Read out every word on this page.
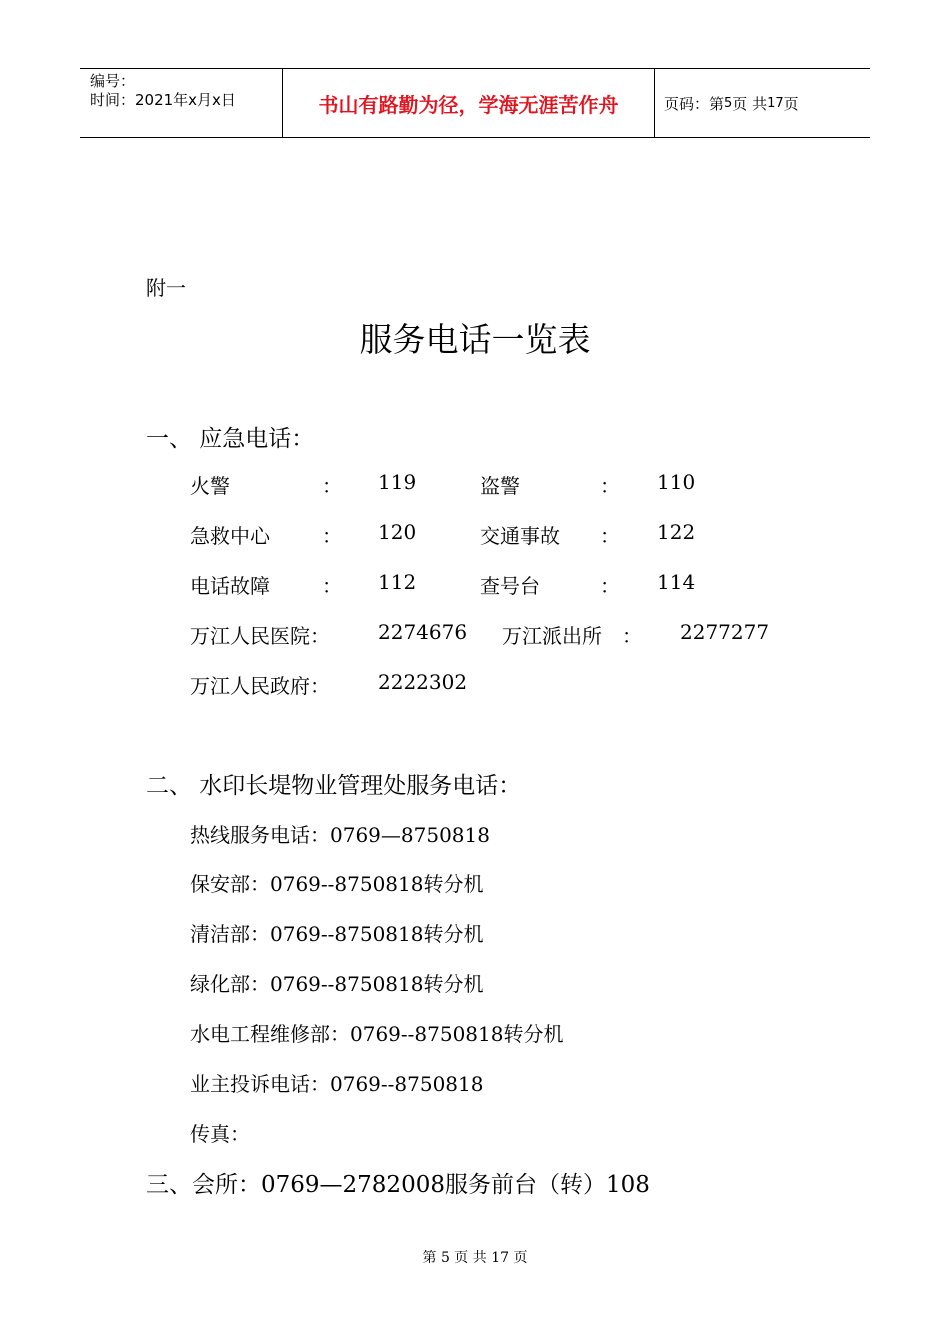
编号：
时间：2021年x月x日	书山有路勤为径，学海无涯苦作舟	页码：第 5 页 共 17 页
附一
服务电话一览表
一、 应急电话：
火警	： 119	盗警	： 110
急救中心	： 120	交通事故 ： 122
电话故障	： 112	查号台	： 114
万江人民医院： 2274676 万江派出所 ： 2277277
万江人民政府： 2222302
二、 水印长堤物业管理处服务电话：
热线服务电话：0769—8750818
保安部：0769--8750818转分机
清洁部：0769--8750818转分机
绿化部：0769--8750818转分机
水电工程维修部：0769--8750818转分机
业主投诉电话：0769--8750818
传真：
三、会所：0769—2782008服务前台（转）108
第 5 页 共 17 页
